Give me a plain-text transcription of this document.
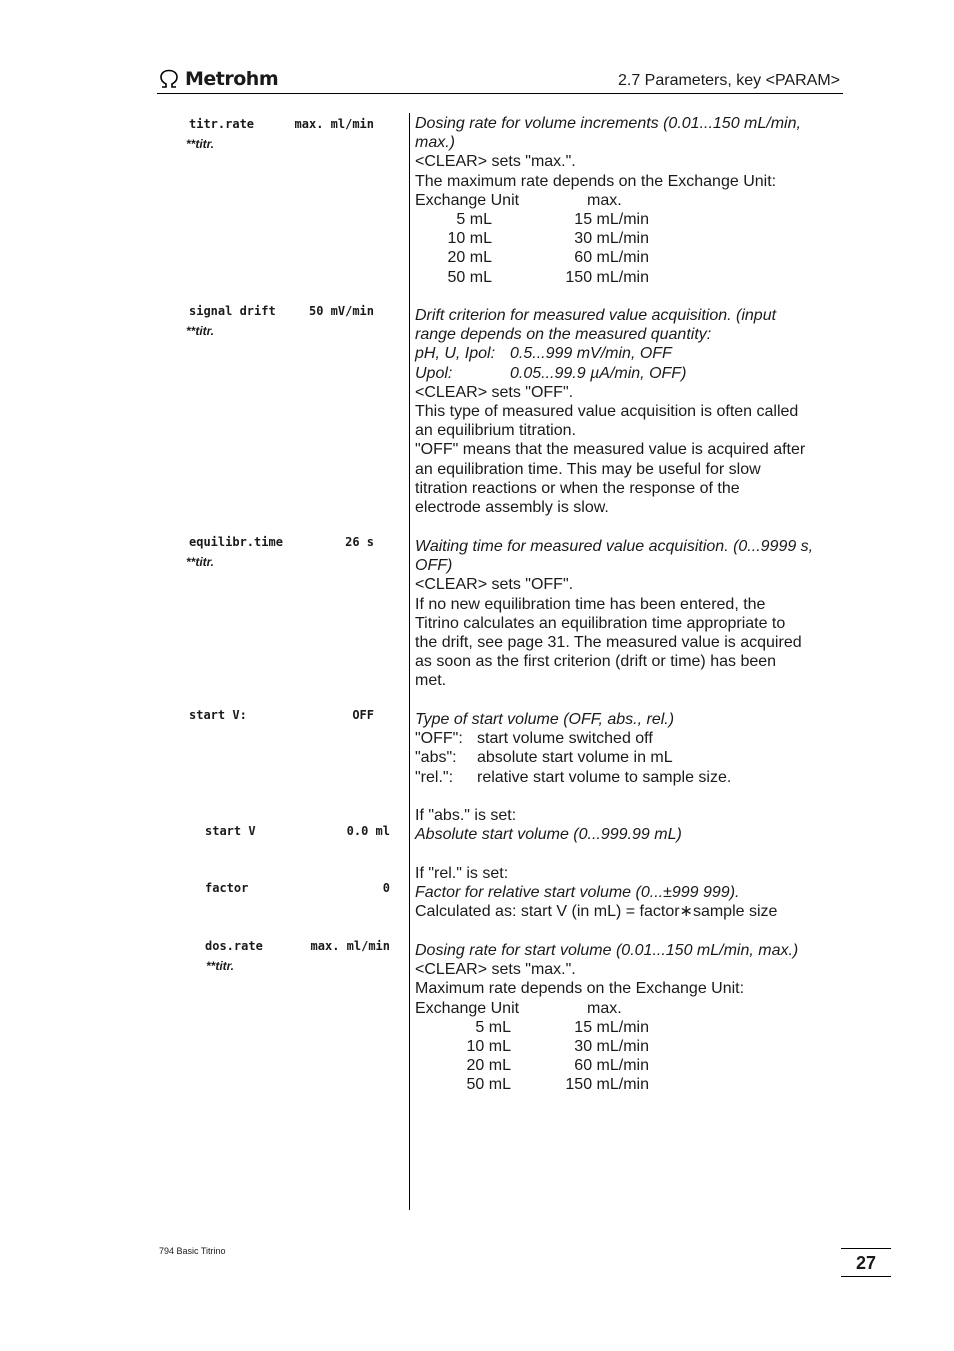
Metrohm	2.7 Parameters, key <PARAM>
titr.rate	max. ml/min
**titr.

Dosing rate for volume increments (0.01...150 mL/min,

max.)

<CLEAR> sets "max.".

The maximum rate depends on the Exchange Unit:

Exchange Unit	max.
5 mL	15 mL/min
10 mL	30 mL/min
20 mL	60 mL/min
50 mL	150 mL/min
signal drift	50 mV/min
**titr.

Drift criterion for measured value acquisition. (input

range depends on the measured quantity:

pH, U, Ipol: 0.5...999 mV/min, OFF
Upol:	0.05...99.9 µA/min, OFF)

<CLEAR> sets "OFF".

This type of measured value acquisition is often called

an equilibrium titration.

"OFF" means that the measured value is acquired after

an equilibration time. This may be useful for slow

titration reactions or when the response of the

electrode assembly is slow.

equilibr.time	26 s
**titr.

Waiting time for measured value acquisition. (0...9999 s,

OFF)

<CLEAR> sets "OFF".

If no new equilibration time has been entered, the

Titrino calculates an equilibration time appropriate to

the drift, see page 31. The measured value is acquired

as soon as the first criterion (drift or time) has been

met.

start V:	OFF	Type of start volume (OFF, abs., rel.)

"OFF": start volume switched off
"abs": absolute start volume in mL
"rel.": relative start volume to sample size.
start V	0.0 ml

If "abs." is set:

Absolute start volume (0...999.99 mL)

factor	0

If "rel." is set:

Factor for relative start volume (0...±999 999).

Calculated as: start V (in mL) = factor∗sample size

dos.rate	max. ml/min
**titr.

Dosing rate for start volume (0.01...150 mL/min, max.)

<CLEAR> sets "max.".

Maximum rate depends on the Exchange Unit:

Exchange Unit	max.
5 mL	15 mL/min
10 mL	30 mL/min
20 mL	60 mL/min
50 mL	150 mL/min
794 Basic Titrino
27
